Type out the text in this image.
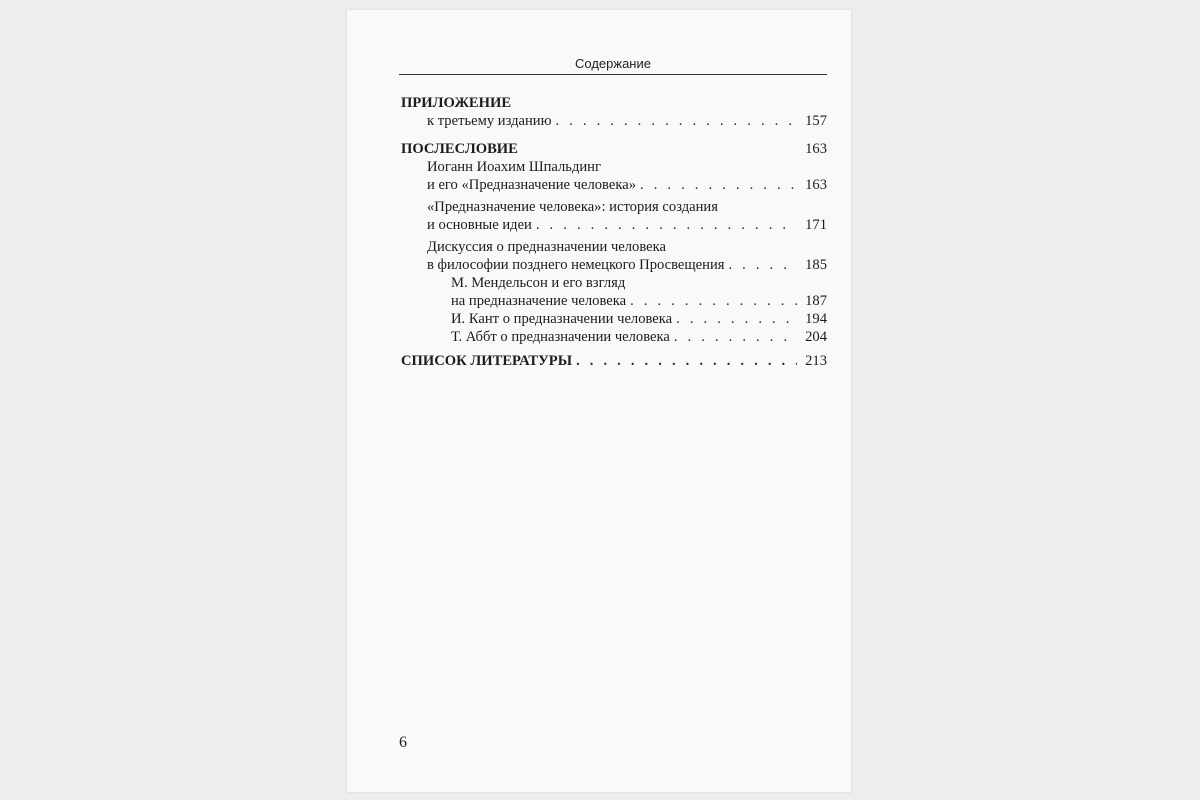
Содержание
ПРИЛОЖЕНИЕ
к третьему изданию . . .	157
ПОСЛЕСЛОВИЕ	163
Иоганн Иоахим Шпальдинг
и его «Предназначение человека» . . .	163
«Предназначение человека»: история создания
и основные идеи . . .	171
Дискуссия о предназначении человека
в философии позднего немецкого Просвещения . . .	185
М. Мендельсон и его взгляд
на предназначение человека . . .	187
И. Кант о предназначении человека . . .	194
Т. Аббт о предназначении человека . . .	204
СПИСОК ЛИТЕРАТУРЫ . . .	213
6
